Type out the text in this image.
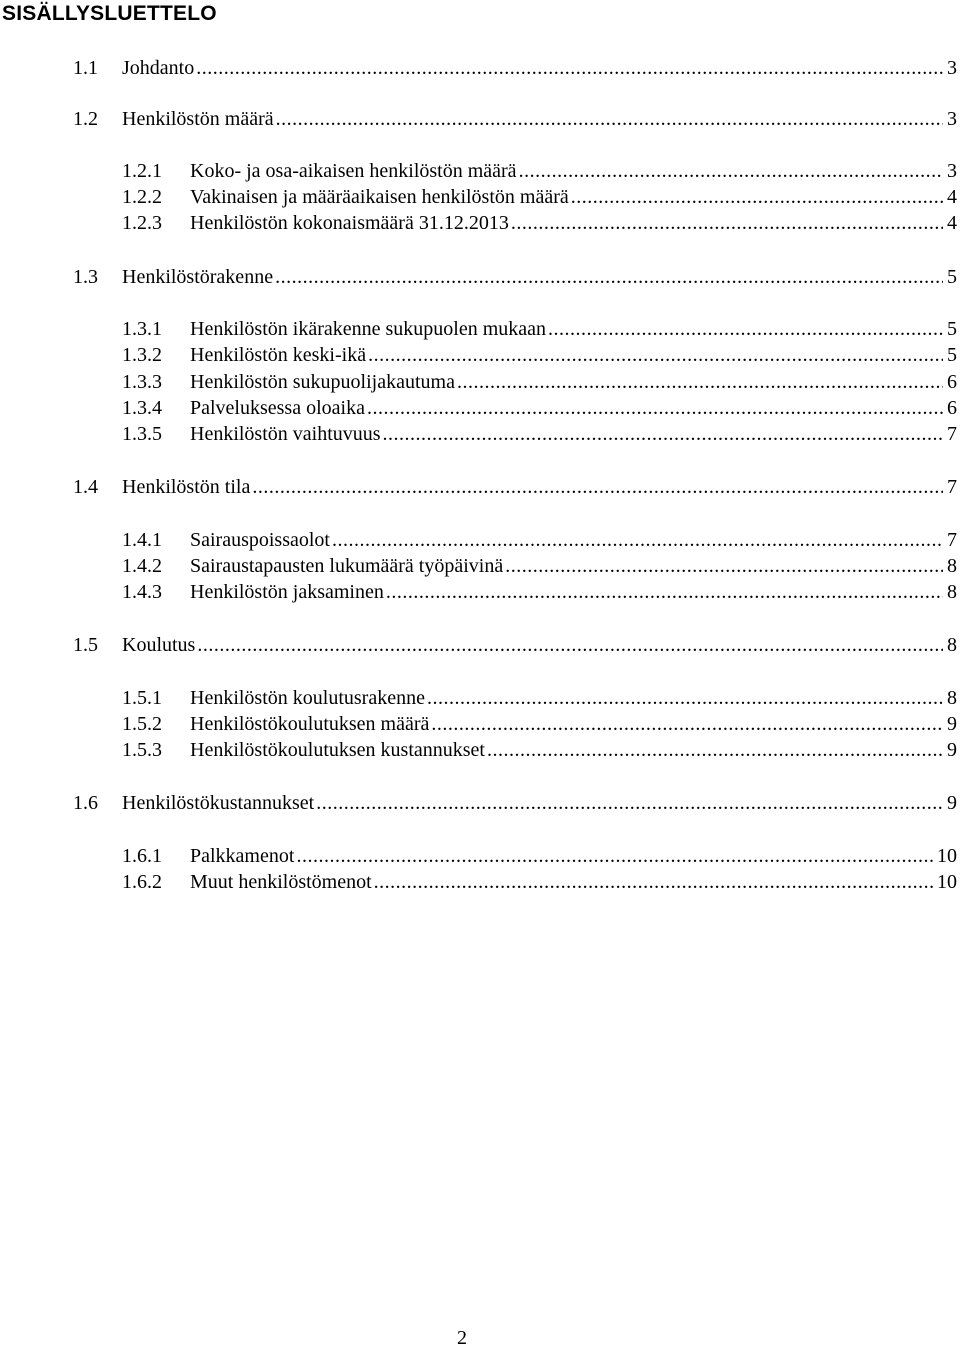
SISÄLLYSLUETTELO
1.1	Johdanto .....	3
1.2	Henkilöstön määrä .....	3
1.2.1	Koko- ja osa-aikaisen henkilöstön määrä .....	3
1.2.2	Vakinaisen ja määräaikaisen henkilöstön määrä .....	4
1.2.3	Henkilöstön kokonaismäärä 31.12.2013 .....	4
1.3	Henkilöstörakenne .....	5
1.3.1	Henkilöstön ikärakenne sukupuolen mukaan .....	5
1.3.2	Henkilöstön keski-ikä .....	5
1.3.3	Henkilöstön sukupuolijakautuma .....	6
1.3.4	Palveluksessa oloaika .....	6
1.3.5	Henkilöstön vaihtuvuus .....	7
1.4	Henkilöstön tila .....	7
1.4.1	Sairauspoissaolot .....	7
1.4.2	Sairaustapausten lukumäärä työpäivinä .....	8
1.4.3	Henkilöstön jaksaminen .....	8
1.5	Koulutus .....	8
1.5.1	Henkilöstön koulutusrakenne .....	8
1.5.2	Henkilöstökoulutuksen määrä .....	9
1.5.3	Henkilöstökoulutuksen kustannukset .....	9
1.6	Henkilöstökustannukset .....	9
1.6.1	Palkkamenot .....	10
1.6.2	Muut henkilöstömenot .....	10
2
